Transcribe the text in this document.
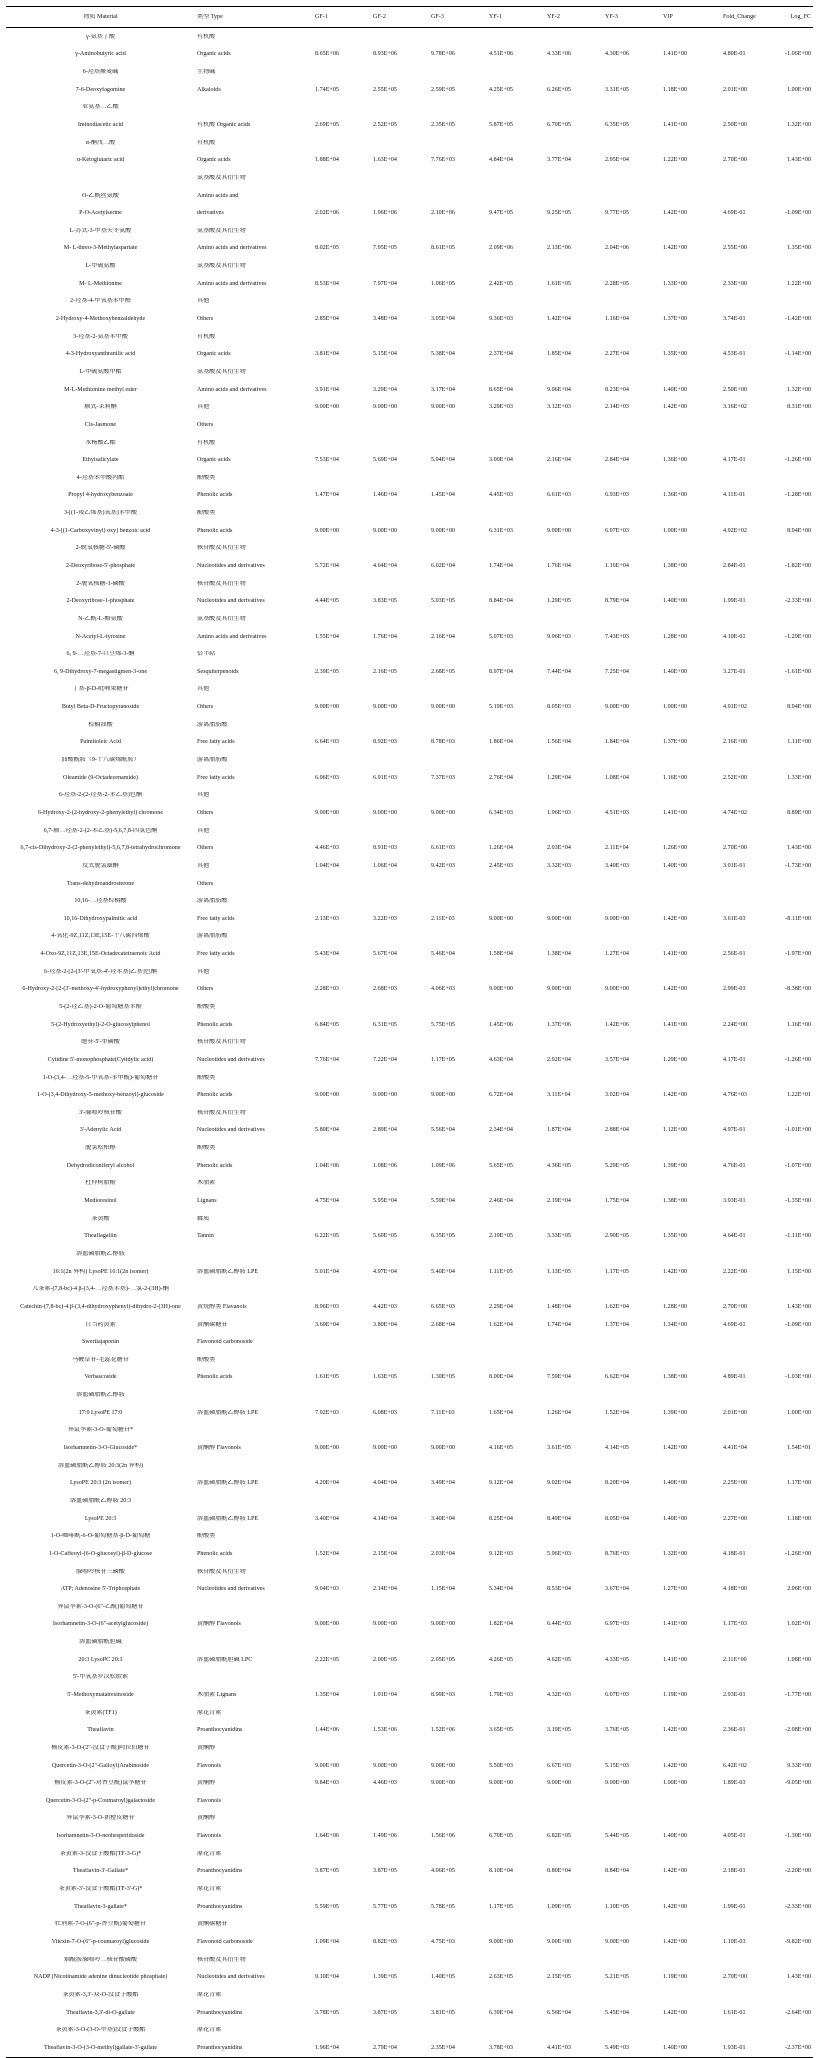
物质 Material	类型 Type	GF-1	GF-2	GF-3	YF-1	YF-2	YF-3	VIP	Fold_Change	Log_FC
γ-氨基丁酸	有机酸
γ-Aminobutyric acid	Organic acids	8.65E+06	8.93E+06	9.78E+06	4.51E+06	4.33E+06	4.30E+06	1.41E+00	4.80E-01	-1.06E+00
6-羟基蕨麦碱	生物碱
7-6-Deoxyfagomine	Alkaloids	1.74E+05	2.55E+05	2.59E+05	4.25E+05	6.26E+05	3.31E+05	1.18E+00	2.01E+00	1.00E+00
亚氨基二乙酸
Iminodiacetic acid	有机酸 Organic acids	2.69E+05	2.52E+05	2.35E+05	5.87E+05	6.70E+05	6.35E+05	1.41E+00	2.50E+00	1.32E+00
α-酮戊二酸	有机酸
α-Ketoglutaric acid	Organic acids	1.88E+04	1.63E+04	7.76E+03	4.84E+04	3.77E+04	2.95E+04	1.22E+00	2.70E+00	1.43E+00
氨基酸及其衍生物
O-乙酰丝氨酸	Amino acids and
P-O-Acetylserine	derivatives	2.02E+06	1.96E+06	2.10E+06	9.47E+05	9.25E+05	9.77E+05	1.42E+00	4.69E-01	-1.09E+00
L-苏式-3-甲基天冬氨酸	氨基酸及其衍生物
M- L-threo-3-Methylaspartate	Amino acids and derivatives	8.02E+05	7.95E+05	8.61E+05	2.09E+06	2.13E+06	2.04E+06	1.42E+00	2.55E+00	1.35E+00
L-甲硫氨酸	氨基酸及其衍生物
M- L-Methionine	Amino acids and derivatives	8.53E+04	7.97E+04	1.06E+05	2.42E+05	1.61E+05	2.28E+05	1.33E+00	2.33E+00	1.22E+00
2-羟基-4-甲氧基苯甲醛	其他
2-Hydroxy-4-Methoxybenzaldehyde	Others	2.85E+04	3.48E+04	3.05E+04	9.36E+03	1.42E+04	1.16E+04	1.37E+00	3.74E-01	-1.42E+00
3-羟基-2-氨基苯甲酸	有机酸
4-3-Hydroxyanthranilic acid	Organic acids	3.81E+04	5.15E+04	5.38E+04	2.37E+04	1.85E+04	2.27E+04	1.35E+00	4.53E-01	-1.14E+00
L-甲硫氨酸甲酯	氨基酸及其衍生物
M-L-Methionine methyl ester	Amino acids and derivatives	3.91E+04	3.29E+04	3.17E+04	8.65E+04	9.06E+04	8.23E+04	1.40E+00	2.50E+00	1.32E+00
顺式-茉莉酮	其他	9.00E+00	9.00E+00	9.00E+00	3.29E+03	3.12E+03	2.14E+03	1.42E+00	3.16E+02	8.31E+00
Cis-Jasmone	Others
水杨酸乙酯	有机酸
Ethylsalicylate	Organic acids	7.53E+04	5.69E+04	5.94E+04	3.00E+04	2.16E+04	2.84E+04	1.36E+00	4.17E-01	-1.26E+00
4-羟基苯甲酸丙酯	酚酸类
Propyl 4-hydroxybenzoate	Phenolic acids	1.47E+04	1.46E+04	1.45E+04	4.45E+03	6.61E+03	6.93E+03	1.36E+00	4.11E-01	-1.28E+00
3-[(1-羧乙烯基)氧基]苯甲酸	酚酸类
4-3-[(1-Carboxyvinyl) oxy] benzoic acid	Phenolic acids	9.00E+00	9.00E+00	9.00E+00	6.31E+03	9.00E+00	6.97E+03	1.00E+00	4.92E+02	8.94E+00
2-脱氧核糖-5'-磷酸	核苷酸及其衍生物
2-Deoxyribose-5'-phosphate	Nucleotides and derivatives	5.72E+04	4.64E+04	6.02E+04	1.74E+04	1.76E+04	1.16E+04	1.38E+00	2.84E-01	-1.82E+00
2-脱氧核糖-1-磷酸	核苷酸及其衍生物
2-Deoxyribose-1-phosphate	Nucleotides and derivatives	4.44E+05	3.83E+05	5.03E+05	8.84E+04	1.29E+05	8.79E+04	1.40E+00	1.99E-01	-2.33E+00
N-乙酰-L-酪氨酸	氨基酸及其衍生物
N-Acetyl-L-tyrosine	Amino acids and derivatives	1.55E+04	1.76E+04	2.16E+04	5.07E+03	9.96E+03	7.43E+03	1.28E+00	4.10E-01	-1.29E+00
6, 9-二羟基-7-巨豆烯-3-酮	倍半萜
6, 9-Dihydroxy-7-megastigmen-3-one	Sesquiterpenoids	2.39E+05	2.16E+05	2.68E+05	8.97E+04	7.44E+04	7.25E+04	1.40E+00	3.27E-01	-1.61E+00
丁基-β-D-吡喃果糖苷	其他
Butyl Beta-D-Fructopyranoside	Others	9.00E+00	9.00E+00	9.00E+00	5.19E+03	8.05E+03	9.00E+00	1.00E+00	4.91E+02	8.94E+00
棕榈油酸	游离脂肪酸
Palmitoleic Acid	Free fatty acids	6.64E+03	8.92E+03	8.78E+03	1.86E+04	1.56E+04	1.84E+04	1.37E+00	2.16E+00	1.11E+00
油酸酰胺（9-十八碳烯酰胺）	游离脂肪酸
Oleamide (9-Octadecenamide)	Free fatty acids	6.06E+03	6.91E+03	7.37E+03	2.76E+04	1.29E+04	1.08E+04	1.16E+00	2.52E+00	1.33E+00
6-羟基-2-(2-羟基-2-苯乙基)色酮	其他
6-Hydroxy-2-(2-hydroxy-2-phenylethyl) chromone	Others	9.00E+00	9.00E+00	9.00E+00	6.34E+03	1.96E+03	4.51E+03	1.41E+00	4.74E+02	8.89E+00
6,7-顺二羟基-2-(2-苯乙基)-5,6,7,8-四氢色酮	其他
6,7-cis-Dihydroxy-2-(2-phenylethyl)-5,6,7,8-tetrahydrochromone	Others	4.46E+03	8.91E+03	6.61E+03	1.26E+04	2.03E+04	2.11E+04	1.26E+00	2.70E+00	1.43E+00
反式脱氢雄酮	其他	1.04E+04	1.06E+04	9.42E+03	2.45E+03	3.32E+03	3.40E+03	1.40E+00	3.01E-01	-1.73E+00
Trans-dehydroandrosterone	Others
10,16-二羟基棕榈酸	游离脂肪酸
10,16-Dihydroxypalmitic acid	Free fatty acids	2.13E+03	3.22E+03	2.11E+03	9.00E+00	9.00E+00	9.00E+00	1.42E+00	3.61E-03	-8.11E+00
4-氧化-9Z,11Z,13E,15E-十八碳四烯酸	游离脂肪酸
4-Oxo-9Z,11Z,13E,15E-Octadecatetraenoic Acid	Free fatty acids	5.43E+04	5.67E+04	5.46E+04	1.58E+04	1.38E+04	1.27E+04	1.41E+00	2.56E-01	-1.97E+00
6-羟基-2-[2-(3'-甲氧基-4'-羟苯基)乙基]色酮	其他
6-Hydroxy-2-[2-(3'-methoxy-4'-hydroxyphenyl)ethyl]chromone	Others	2.28E+03	2.68E+03	4.06E+03	9.00E+00	9.00E+00	9.00E+00	1.42E+00	2.99E-03	-8.38E+00
5-(2-羟乙基)-2-O-葡萄糖基苯酚	酚酸类
5-(2-Hydroxyethyl)-2-O-glucosylphenol	Phenolic acids	6.84E+05	6.31E+05	5.75E+05	1.45E+06	1.37E+06	1.42E+06	1.41E+00	2.24E+00	1.16E+00
胞苷-5'-单磷酸	核苷酸及其衍生物
Cytidine 5'-monophosphate(Cytidylic acid)	Nucleotides and derivatives	7.76E+04	7.22E+04	1.17E+05	4.63E+04	2.92E+04	3.57E+04	1.29E+00	4.17E-01	-1.26E+00
1-O-(3,4-二羟基-5-甲氧基-苯甲酰)-葡萄糖苷	酚酸类
1-O-(3,4-Dihydroxy-5-methoxy-benzoyl)-glucoside	Phenolic acids	9.00E+00	9.00E+00	9.00E+00	6.72E+04	3.11E+04	3.02E+04	1.42E+00	4.76E+03	1.22E+01
3'-腺嘌呤核苷酸	核苷酸及其衍生物
3'-Adenylic Acid	Nucleotides and derivatives	5.80E+04	2.89E+04	5.56E+04	2.34E+04	1.87E+04	2.88E+04	1.12E+00	4.97E-01	-1.01E+00
脱氢松柏醇	酚酸类
Dehydrodiconiferyl alcohol	Phenolic acids	1.04E+06	1.08E+06	1.09E+06	5.65E+05	4.36E+05	5.29E+05	1.39E+00	4.76E-01	-1.07E+00
杜仲树脂酚	木脂素
Medioresinol	Lignans	4.75E+04	5.95E+04	5.59E+04	2.46E+04	2.19E+04	1.75E+04	1.38E+00	3.93E-01	-1.35E+00
茶黄酸	鞣质
Theaflagallin	Tannin	6.22E+05	5.60E+05	6.35E+05	2.19E+05	3.33E+05	2.90E+05	1.35E+00	4.64E-01	-1.11E+00
溶血磷脂酰乙醇胺
16:1(2n 异构) LysoPE 16:1(2n isomer)	溶血磷脂酰乙醇胺 LPE	5.01E+04	4.97E+04	5.40E+04	1.11E+05	1.13E+05	1.17E+05	1.42E+00	2.22E+00	1.15E+00
儿茶素-(7,8-bc)-4 β-(3,4-二羟基苯基)-二氢-2-(3H)-酮
Catechin-(7,8-bc)-4 β-(3,4-dihydroxyphenyl)-dihydro-2-(3H)-one	黄烷醇类 Flavanols	8.96E+03	4.42E+03	6.65E+03	2.29E+04	1.48E+04	1.62E+04	1.28E+00	2.70E+00	1.43E+00
日当药黄素	黄酮碳糖苷	3.60E+04	3.80E+04	2.68E+04	1.62E+04	1.74E+04	1.37E+04	1.34E+00	4.69E-01	-1.09E+00
Swertiajaponin	Flavonoid carbonoside
马鞭草苷-毛蕊花糖苷	酚酸类
Verbascoside	Phenolic acids	1.61E+05	1.63E+05	1.30E+05	8.00E+04	7.59E+04	6.62E+04	1.38E+00	4.89E-01	-1.03E+00
溶血磷脂酰乙醇胺
17:0 LysoPE 17:0	溶血磷脂酰乙醇胺 LPE	7.92E+03	6.08E+03	7.11E+03	1.65E+04	1.26E+04	1.52E+04	1.39E+00	2.01E+00	1.00E+00
异鼠李素-3-O-葡萄糖苷*
Isorhamnetin-3-O-Glucoside*	黄酮醇 Flavonols	9.00E+00	9.00E+00	9.00E+00	4.16E+05	3.61E+05	4.14E+05	1.42E+00	4.41E+04	1.54E+01
溶血磷脂酰乙醇胺 20:3(2n 异构)
LysoPE 20:3 (2n isomer)	溶血磷脂酰乙醇胺 LPE	4.20E+04	4.04E+04	3.49E+04	9.12E+04	9.02E+04	8.20E+04	1.40E+00	2.25E+00	1.17E+00
溶血磷脂酰乙醇胺 20:3
LysoPE 20:3	溶血磷脂酰乙醇胺 LPE	3.40E+04	4.14E+04	3.40E+04	8.25E+04	8.49E+04	8.05E+04	1.40E+00	2.27E+00	1.18E+00
1-O-咖啡酰-6-O-葡萄糖基-β-D-葡萄糖	酚酸类
1-O-Caffeoyl-(6-O-glucosyl)-β-D-glucose	Phenolic acids	1.52E+04	2.15E+04	2.03E+04	9.12E+03	5.96E+03	8.76E+03	1.32E+00	4.18E-01	-1.26E+00
腺嘌呤核苷三磷酸	核苷酸及其衍生物
ATP; Adenosine 5'-Triphosphate	Nucleotides and derivatives	9.04E+03	2.14E+04	1.15E+04	5.34E+04	8.53E+04	3.67E+04	1.27E+00	4.18E+00	2.06E+00
异鼠李素-3-O-(6"-乙酰)葡萄糖苷
Isorhamnetin-3-O-(6"-acetylglucoside)	黄酮醇 Flavonols	9.00E+00	9.00E+00	9.00E+00	1.82E+04	6.44E+03	6.97E+03	1.41E+00	1.17E+03	1.02E+01
溶血磷脂酰胆碱
20:3 LysoPC 20:3	溶血磷脂酰胆碱 LPC	2.22E+05	2.00E+05	2.05E+05	4.26E+05	4.62E+05	4.33E+05	1.41E+00	2.11E+00	1.08E+00
5'-甲氧基罗汉松脂素
5'-Methoxymatairesinoside	木脂素 Lignans	1.35E+04	1.91E+04	8.99E+03	1.79E+03	4.32E+03	6.07E+03	1.19E+00	2.93E-01	-1.77E+00
茶黄素(TF1)	原花青素
Theaflavin	Proanthocyanidins	1.44E+06	1.53E+06	1.52E+06	3.65E+05	3.19E+05	3.76E+05	1.42E+00	2.36E-01	-2.08E+00
槲皮素-3-O-(2"-没食子酰)阿拉伯糖苷	黄酮醇
Quercetin-3-O-(2"-Galloyl)Arabinoside	Flavonols	9.00E+00	9.00E+00	9.00E+00	5.50E+03	6.67E+03	5.15E+03	1.42E+00	6.42E+02	9.33E+00
槲皮素-3-O-(2"-对香豆酰)鼠李糖苷	黄酮醇	9.84E+03	4.46E+03	9.00E+00	9.00E+00	9.00E+00	9.00E+00	1.00E+00	1.89E-03	-9.05E+00
Quercetin-3-O-(2"-p-Coumaroyl)galactoside	Flavonols
异鼠李素-3-O-新橙皮糖苷	黄酮醇
Isorhamnetin-3-O-neohesperidoside	Flavonols	1.64E+06	1.49E+06	1.56E+06	6.70E+05	6.82E+05	5.44E+05	1.40E+00	4.05E-01	-1.30E+00
茶黄素-3-没食子酸酯(TF-3-G)*	原花青素
Theaflavin-3'-Gallate*	Proanthocyanidins	3.87E+05	3.87E+05	4.06E+05	8.10E+04	8.80E+04	8.84E+04	1.42E+00	2.18E-01	-2.20E+00
茶黄素-3'-没食子酸酯(TF-3'-G)*	原花青素
Theaflavin-3-gallate*	Proanthocyanidins	5.59E+05	5.77E+05	5.78E+05	1.17E+05	1.09E+05	1.10E+05	1.42E+00	1.99E-01	-2.33E+00
牡荆素-7-O-(6"-p-香豆酰)葡萄糖苷	黄酮碳糖苷
Vitexin-7-O-(6"-p-coumaroyl)glucoside	Flavonoid carbonoside	1.09E+04	8.82E+03	4.75E+03	9.00E+00	9.00E+00	9.00E+00	1.42E+00	1.10E-03	-9.82E+00
烟酰胺腺嘌呤二核苷酸磷酸	核苷酸及其衍生物
NADP (Nicotinamide adenine dinucleotide phosphate)	Nucleotides and derivatives	9.10E+04	1.39E+05	1.40E+05	2.63E+05	2.15E+05	5.21E+05	1.19E+00	2.70E+00	1.43E+00
茶黄素-3,3'-双-O-没食子酸酯	原花青素
Theaflavin-3,3'-di-O-gallate	Proanthocyanidins	3.78E+05	3.87E+05	3.81E+05	6.39E+04	6.56E+04	5.45E+04	1.42E+00	1.61E-01	-2.64E+00
茶黄素-3-O-(3-O-甲基)没食子酸酯	原花青素
Theaflavin-3-O-(3-O-methyl)gallate-3'-gallate	Proanthocyanidins	1.96E+04	2.79E+04	2.35E+04	3.78E+03	4.41E+03	5.49E+03	1.40E+00	1.93E-01	-2.37E+00
